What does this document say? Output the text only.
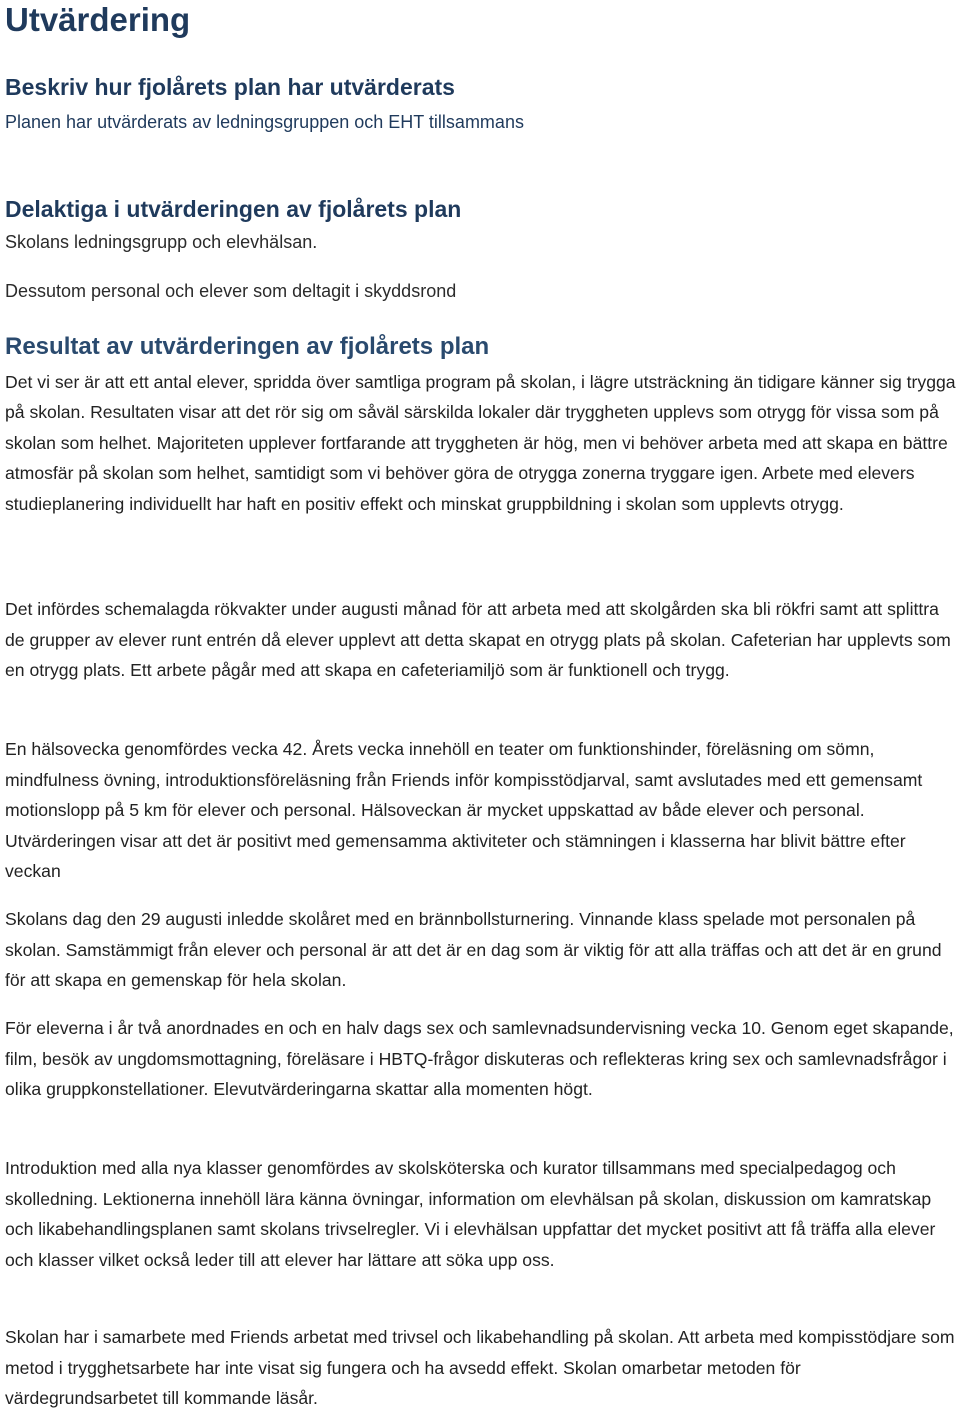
Utvärdering
Beskriv hur fjolårets plan har utvärderats

Planen har utvärderats av ledningsgruppen och EHT tillsammans

Delaktiga i utvärderingen av fjolårets plan

Skolans ledningsgrupp och elevhälsan.

Dessutom personal och elever som deltagit i skyddsrond

Resultat av utvärderingen av fjolårets plan

Det vi ser är att ett antal elever, spridda över samtliga program på skolan, i lägre utsträckning än tidigare känner sig trygga på skolan. Resultaten visar att det rör sig om såväl särskilda lokaler där tryggheten upplevs som otrygg för vissa som på skolan som helhet. Majoriteten upplever fortfarande att tryggheten är hög, men vi behöver arbeta med att skapa en bättre atmosfär på skolan som helhet, samtidigt som vi behöver göra de otrygga zonerna tryggare igen. Arbete med elevers studieplanering individuellt har haft en positiv effekt och minskat gruppbildning i skolan som upplevts otrygg.

Det infördes schemalagda rökvakter under augusti månad för att arbeta med att skolgården ska bli rökfri samt att splittra de grupper av elever runt entrén då elever upplevt att detta skapat en otrygg plats på skolan. Cafeterian har upplevts som en otrygg plats. Ett arbete pågår med att skapa en cafeteriamiljö som är funktionell och trygg.

En hälsovecka genomfördes vecka 42. Årets vecka innehöll en teater om funktionshinder, föreläsning om sömn, mindfulness övning, introduktionsföreläsning från Friends inför kompisstödjarval, samt avslutades med ett gemensamt motionslopp på 5 km för elever och personal. Hälsoveckan är mycket uppskattad av både elever och personal. Utvärderingen visar att det är positivt med gemensamma aktiviteter och stämningen i klasserna har blivit bättre efter veckan

Skolans dag den 29 augusti inledde skolåret med en brännbollsturnering. Vinnande klass spelade mot personalen på skolan. Samstämmigt från elever och personal är att det är en dag som är viktig för att alla träffas och att det är en grund för att skapa en gemenskap för hela skolan.

För eleverna i år två anordnades en och en halv dags sex och samlevnadsundervisning vecka 10. Genom eget skapande, film, besök av ungdomsmottagning, föreläsare i HBTQ-frågor diskuteras och reflekteras kring sex och samlevnadsfrågor i olika gruppkonstellationer. Elevutvärderingarna skattar alla momenten högt.

Introduktion med alla nya klasser genomfördes av skolsköterska och kurator tillsammans med specialpedagog och skolledning. Lektionerna innehöll lära känna övningar, information om elevhälsan på skolan, diskussion om kamratskap och likabehandlingsplanen samt skolans trivselregler. Vi i elevhälsan uppfattar det mycket positivt att få träffa alla elever och klasser vilket också leder till att elever har lättare att söka upp oss.

Skolan har i samarbete med Friends arbetat med trivsel och likabehandling på skolan. Att arbeta med kompisstödjare som metod i trygghetsarbete har inte visat sig fungera och ha avsedd effekt. Skolan omarbetar metoden för värdegrundsarbetet till kommande läsår.
